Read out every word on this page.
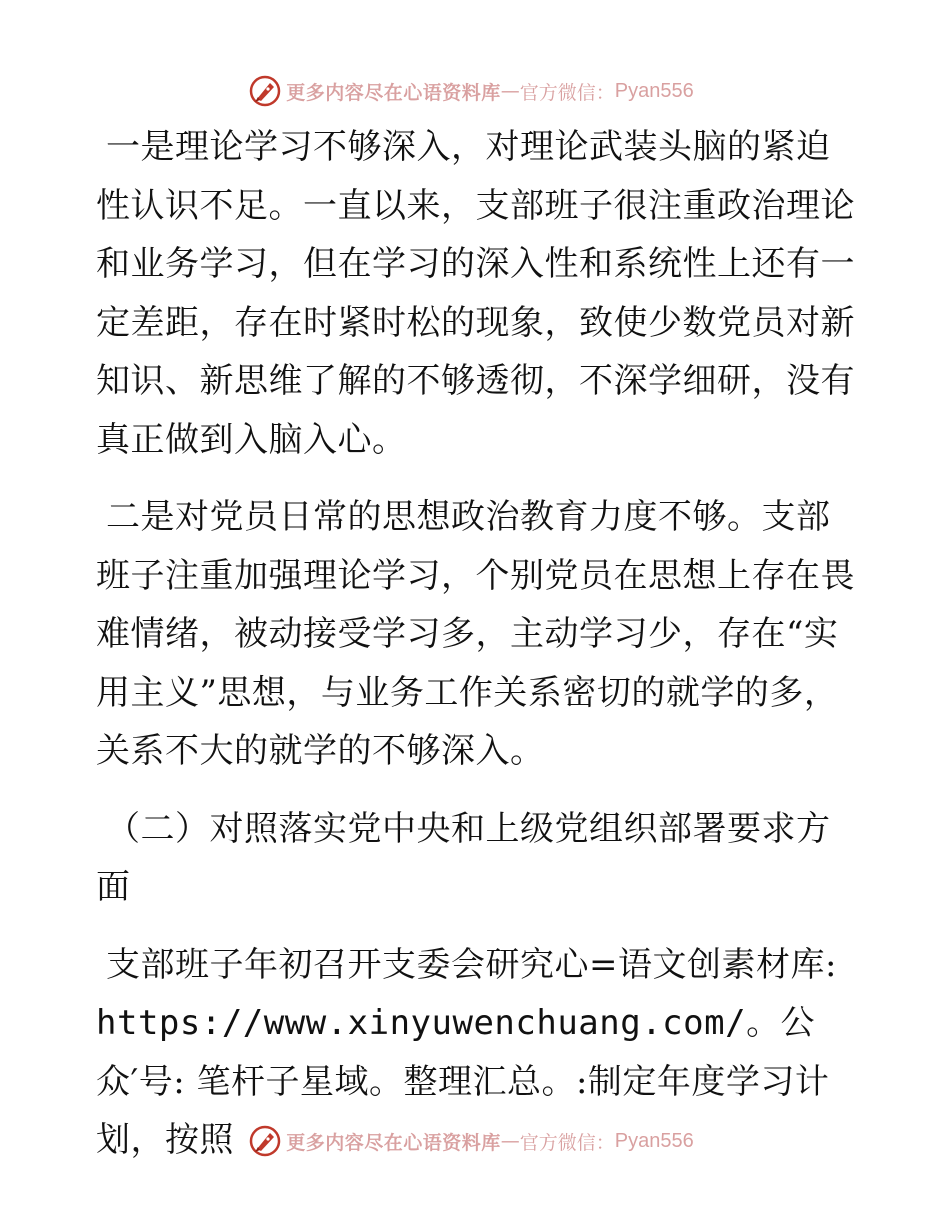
更多内容尽在心语资料库 — 官方微信： Pyan556

一是理论学习不够深入，对理论武装头脑的紧迫性认识不足。一直以来，支部班子很注重政治理论和业务学习，但在学习的深入性和系统性上还有一定差距，存在时紧时松的现象，致使少数党员对新知识、新思维了解的不够透彻，不深学细研，没有真正做到入脑入心。

二是对党员日常的思想政治教育力度不够。支部班子注重加强理论学习，个别党员在思想上存在畏难情绪，被动接受学习多，主动学习少，存在“实用主义”思想，与业务工作关系密切的就学的多，关系不大的就学的不够深入。

（二）对照落实党中央和上级党组织部署要求方面

支部班子年初召开支委会研究心=语文创素材库:https://www.xinyuwenchuang.com/。公众′号: 笔杆子星域。整理汇总。:制定年度学习计划，按照	更多内容尽在心语资料库 — 官方微信： Pyan556
